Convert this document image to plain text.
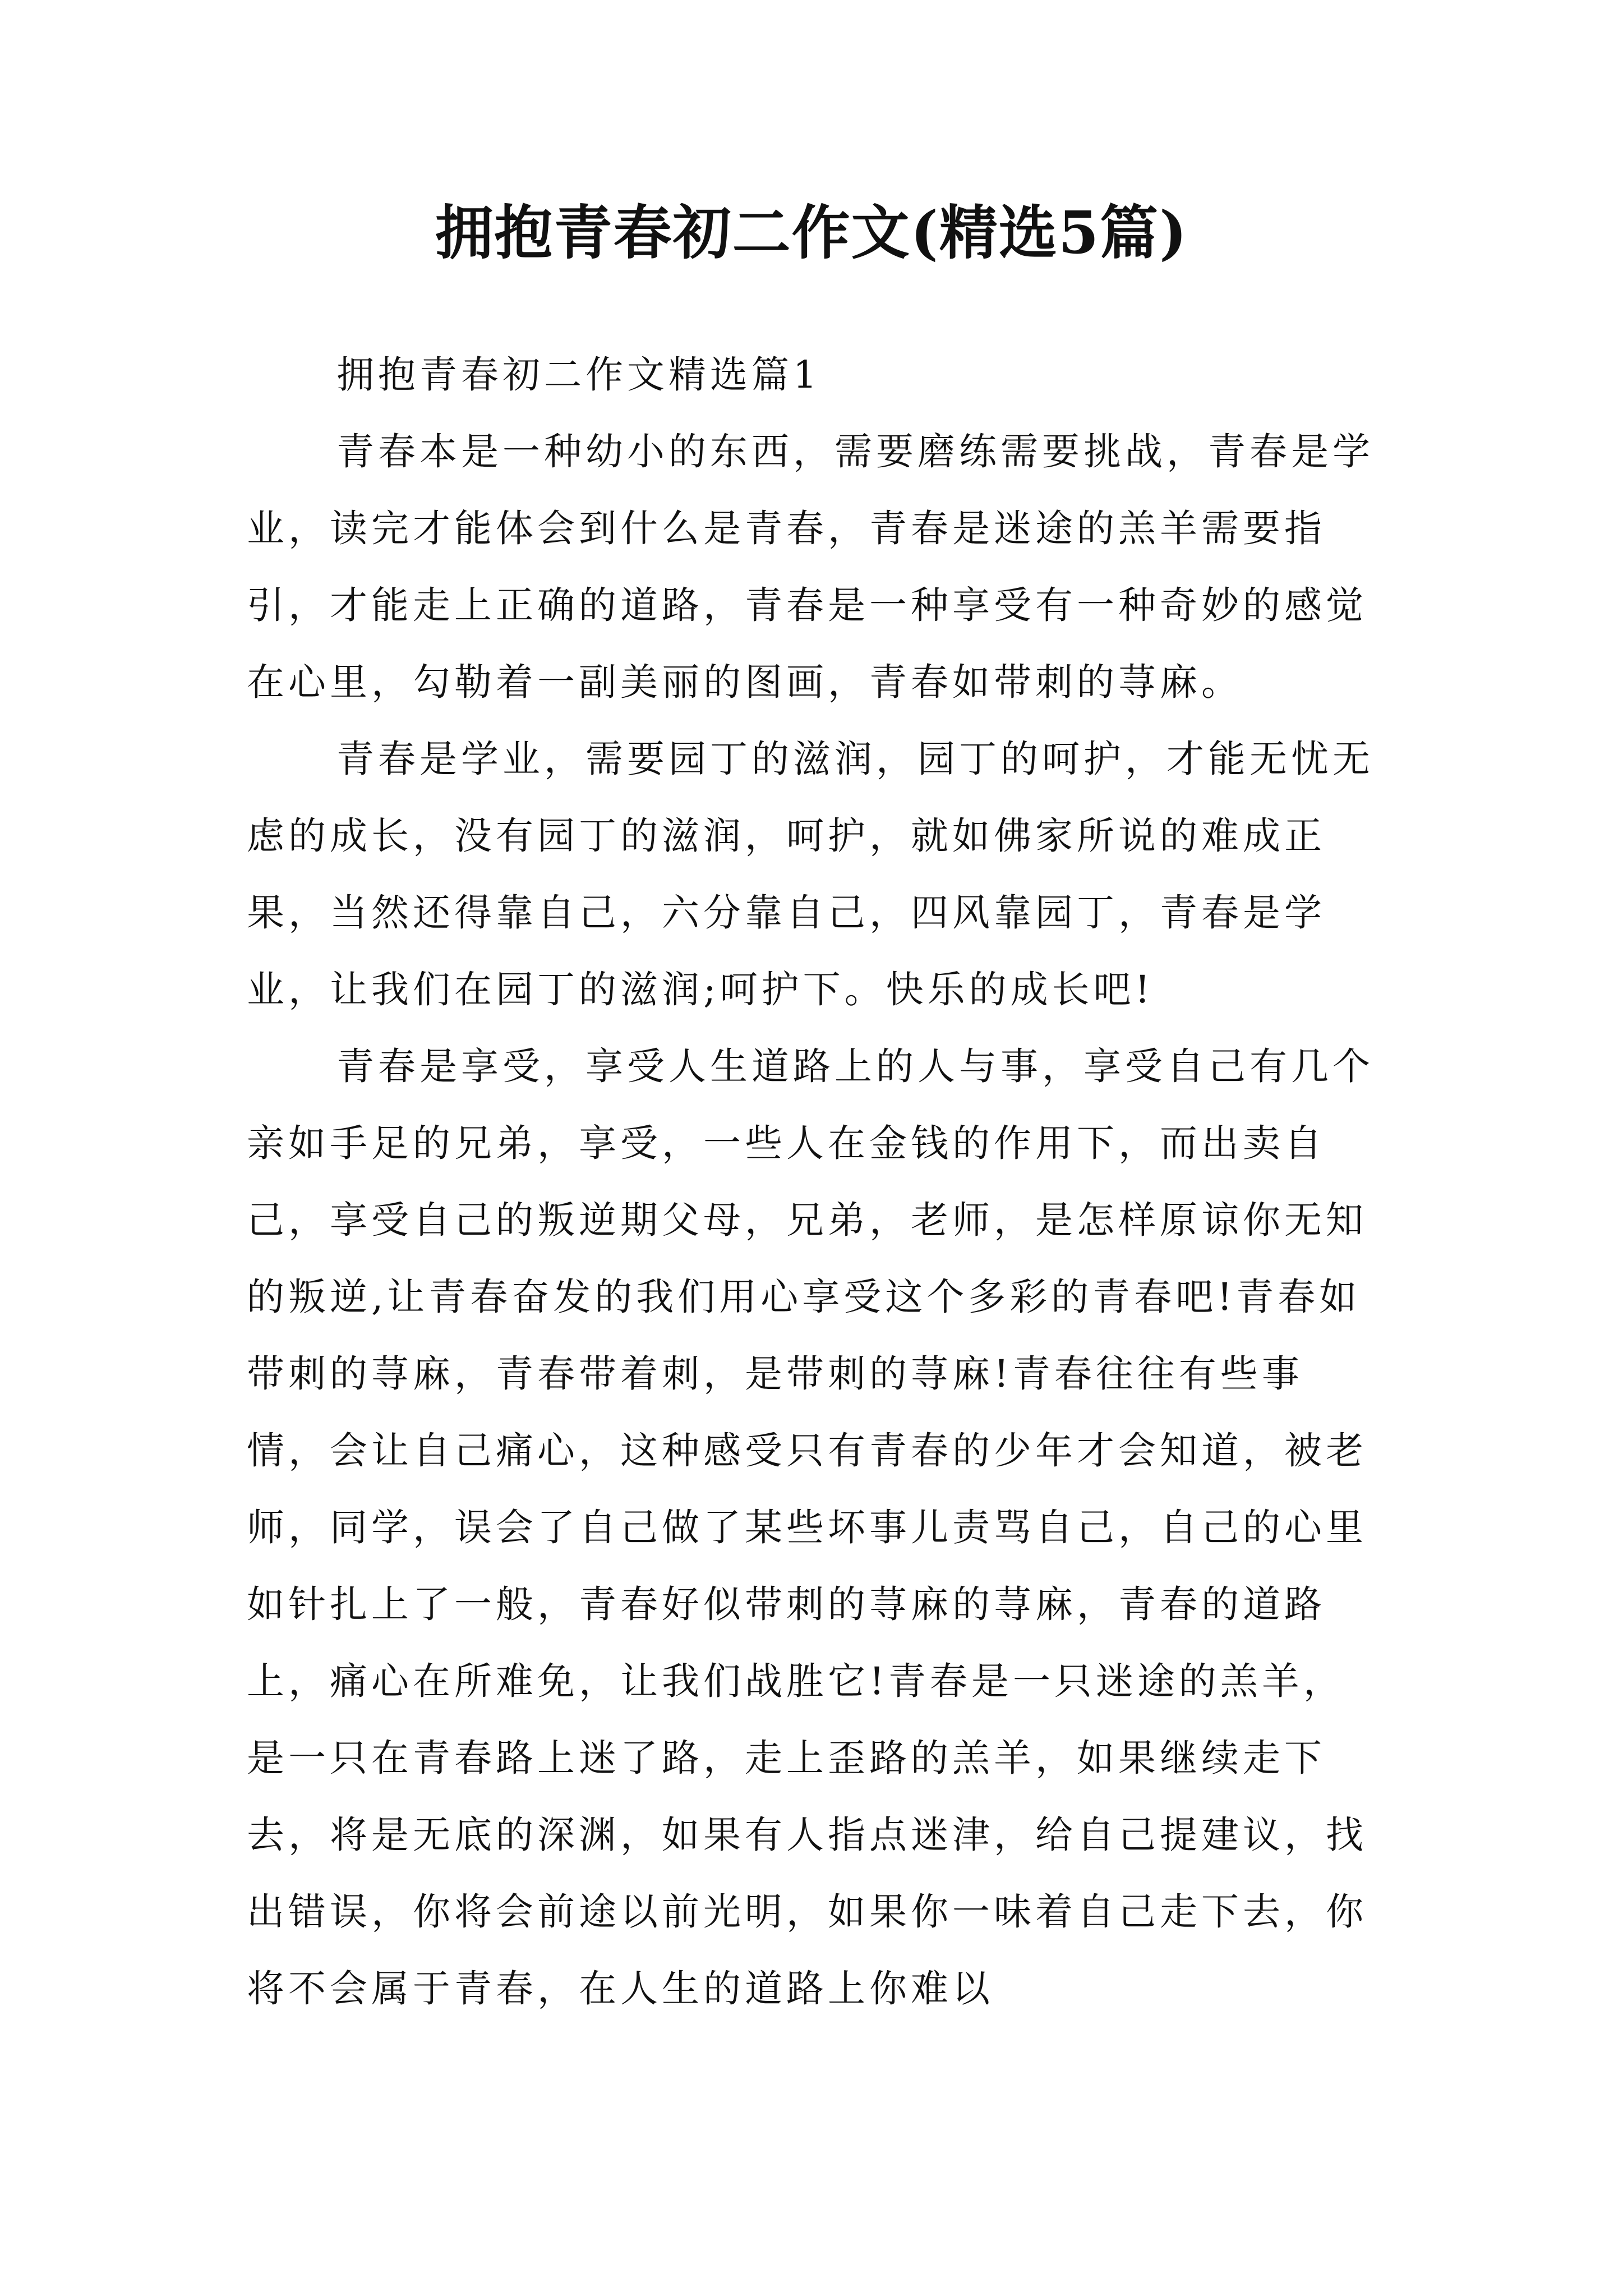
拥抱青春初二作文(精选5篇)
拥抱青春初二作文精选篇1

青春本是一种幼小的东西，需要磨练需要挑战，青春是学业，读完才能体会到什么是青春，青春是迷途的羔羊需要指引，才能走上正确的道路，青春是一种享受有一种奇妙的感觉在心里，勾勒着一副美丽的图画，青春如带刺的荨麻。

青春是学业，需要园丁的滋润，园丁的呵护，才能无忧无虑的成长，没有园丁的滋润，呵护，就如佛家所说的难成正果，当然还得靠自己，六分靠自己，四风靠园丁，青春是学业，让我们在园丁的滋润;呵护下。快乐的成长吧!

青春是享受，享受人生道路上的人与事，享受自己有几个亲如手足的兄弟，享受，一些人在金钱的作用下，而出卖自己，享受自己的叛逆期父母，兄弟，老师，是怎样原谅你无知的叛逆,让青春奋发的我们用心享受这个多彩的青春吧!青春如带刺的荨麻，青春带着刺，是带刺的荨麻!青春往往有些事情，会让自己痛心，这种感受只有青春的少年才会知道，被老师，同学，误会了自己做了某些坏事儿责骂自己，自己的心里如针扎上了一般，青春好似带刺的荨麻的荨麻，青春的道路上，痛心在所难免，让我们战胜它!青春是一只迷途的羔羊，是一只在青春路上迷了路，走上歪路的羔羊，如果继续走下去，将是无底的深渊，如果有人指点迷津，给自己提建议，找出错误，你将会前途以前光明，如果你一味着自己走下去，你将不会属于青春，在人生的道路上你难以
